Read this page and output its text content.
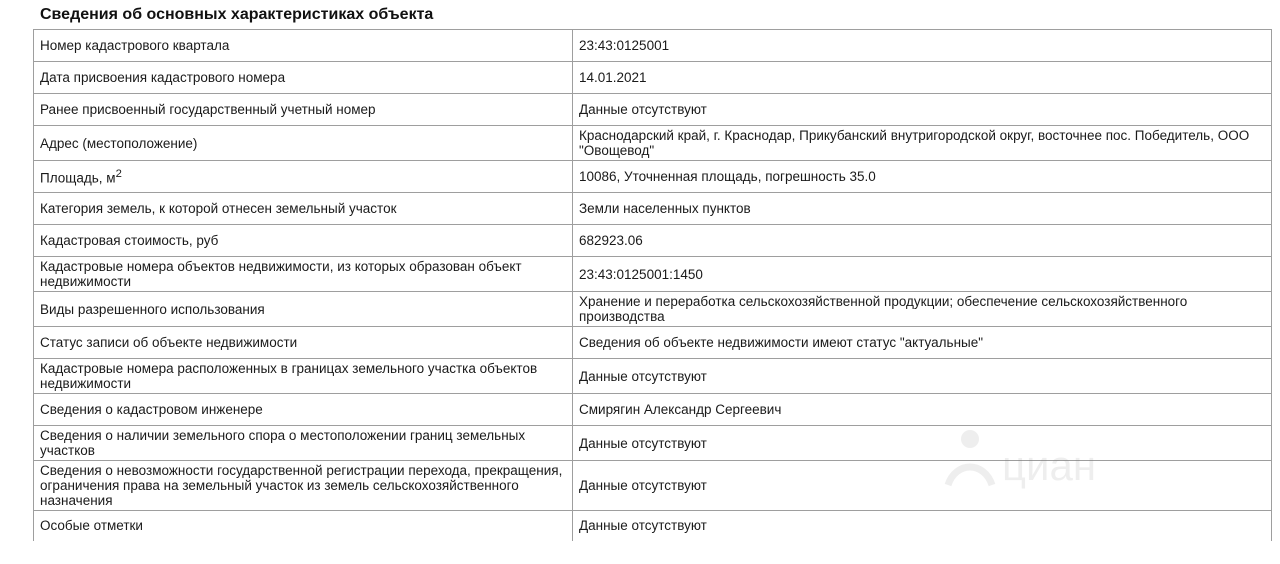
Сведения об основных характеристиках объекта
Номер кадастрового квартала	23:43:0125001
Дата присвоения кадастрового номера	14.01.2021
Ранее присвоенный государственный учетный номер	Данные отсутствуют
Адрес (местоположение)	Краснодарский край, г. Краснодар, Прикубанский внутригородской округ, восточнее пос. Победитель, ООО "Овощевод"
Площадь, $м^2$	10086, Уточненная площадь, погрешность 35.0
Категория земель, к которой отнесен земельный участок	Земли населенных пунктов
Кадастровая стоимость, руб	682923.06
Кадастровые номера объектов недвижимости, из которых образован объект недвижимости	23:43:0125001:1450
Виды разрешенного использования	Хранение и переработка сельскохозяйственной продукции; обеспечение сельскохозяйственного производства
Статус записи об объекте недвижимости	Сведения об объекте недвижимости имеют статус "актуальные"
Кадастровые номера расположенных в границах земельного участка объектов недвижимости	Данные отсутствуют
Сведения о кадастровом инженере	Смирягин Александр Сергеевич
Сведения о наличии земельного спора о местоположении границ земельных участков	Данные отсутствуют
Сведения о невозможности государственной регистрации перехода, прекращения, ограничения права на земельный участок из земель сельскохозяйственного назначения	Данные отсутствуют
Особые отметки	Данные отсутствуют
циан
